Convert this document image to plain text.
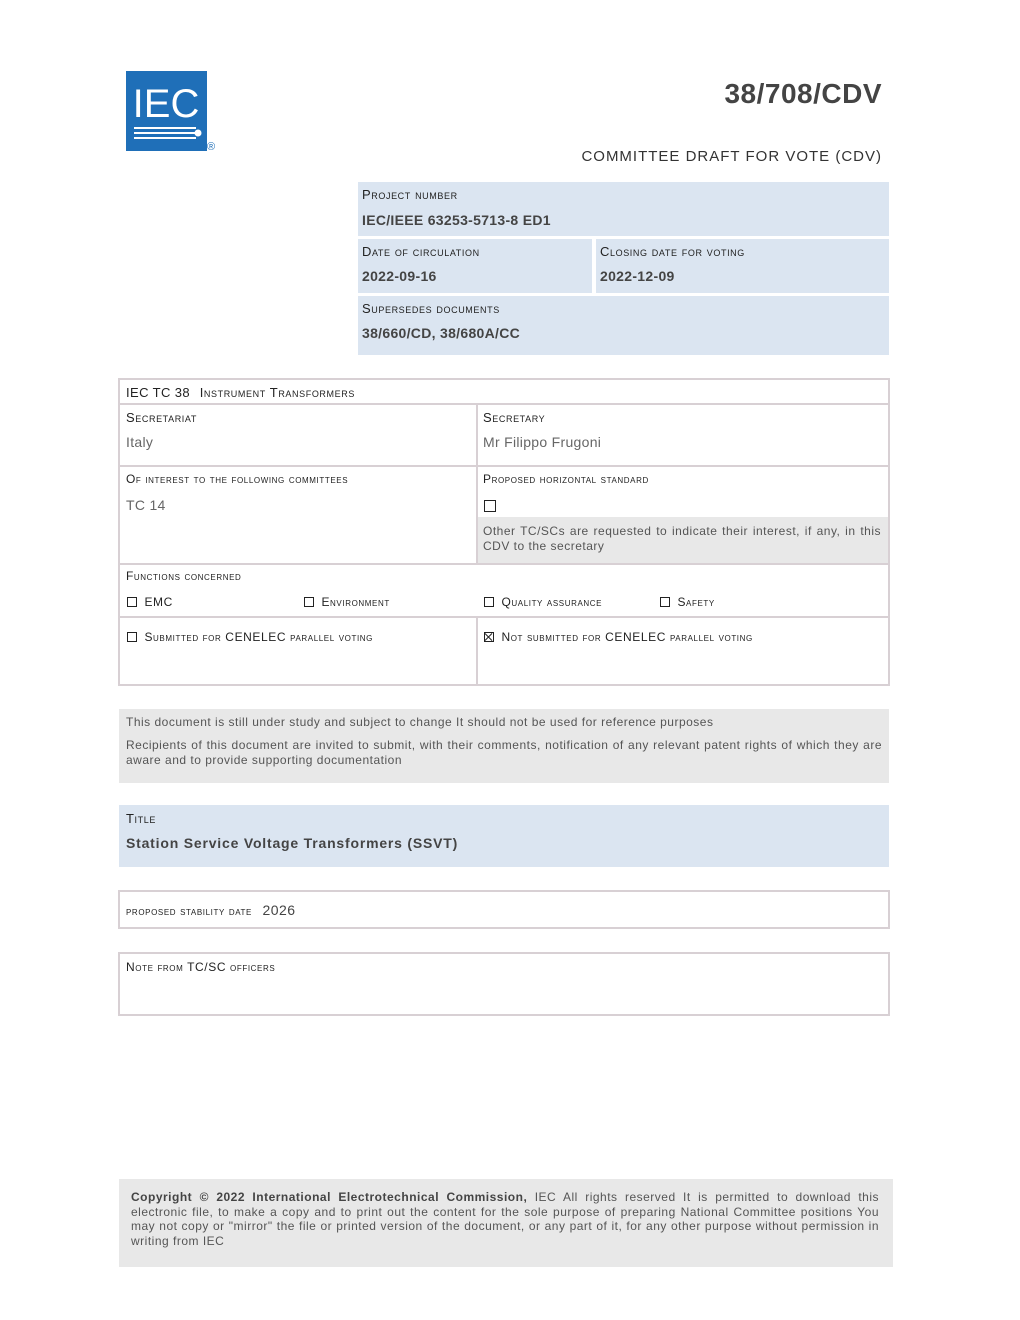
IEC
®
38/708/CDV
COMMITTEE DRAFT FOR VOTE (CDV)
Project number
IEC/IEEE 63253-5713-8 ED1
Date of circulation
2022-09-16
Closing date for voting
2022-12-09
Supersedes documents
38/660/CD, 38/680A/CC
IEC TC 38 Instrument Transformers
Secretariat
Italy
Secretary
Mr Filippo Frugoni
Of interest to the following committees
TC 14
Proposed horizontal standard
Other TC/SCs are requested to indicate their interest, if any, in this CDV to the secretary
Functions concerned
EMC	Environment	Quality assurance	Safety
Submitted for CENELEC parallel voting	Not submitted for CENELEC parallel voting
This document is still under study and subject to change It should not be used for reference purposes
Recipients of this document are invited to submit, with their comments, notification of any relevant patent rights of which they are aware and to provide supporting documentation
Title
Station Service Voltage Transformers (SSVT)
proposed stability date 2026
Note from TC/SC officers
Copyright © 2022 International Electrotechnical Commission, IEC All rights reserved It is permitted to download this electronic file, to make a copy and to print out the content for the sole purpose of preparing National Committee positions You may not copy or "mirror" the file or printed version of the document, or any part of it, for any other purpose without permission in writing from IEC
